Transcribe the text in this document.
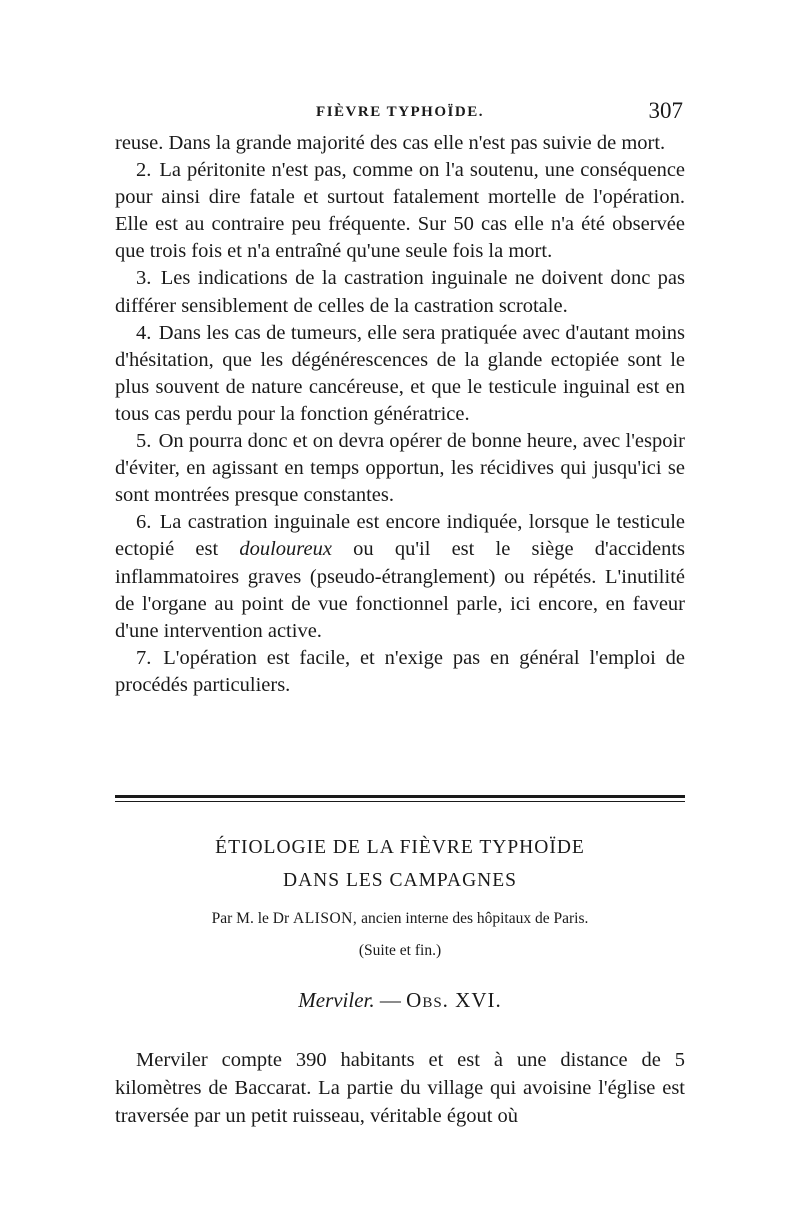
FIÈVRE TYPHOÏDE.	307

reuse. Dans la grande majorité des cas elle n'est pas suivie de mort.

2. La péritonite n'est pas, comme on l'a soutenu, une conséquence pour ainsi dire fatale et surtout fatalement mortelle de l'opération. Elle est au contraire peu fréquente. Sur 50 cas elle n'a été observée que trois fois et n'a entraîné qu'une seule fois la mort.

3. Les indications de la castration inguinale ne doivent donc pas différer sensiblement de celles de la castration scrotale.

4. Dans les cas de tumeurs, elle sera pratiquée avec d'autant moins d'hésitation, que les dégénérescences de la glande ectopiée sont le plus souvent de nature cancéreuse, et que le testicule inguinal est en tous cas perdu pour la fonction génératrice.

5. On pourra donc et on devra opérer de bonne heure, avec l'espoir d'éviter, en agissant en temps opportun, les récidives qui jusqu'ici se sont montrées presque constantes.

6. La castration inguinale est encore indiquée, lorsque le testicule ectopié est douloureux ou qu'il est le siège d'accidents inflammatoires graves (pseudo-étranglement) ou répétés. L'inutilité de l'organe au point de vue fonctionnel parle, ici encore, en faveur d'une intervention active.

7. L'opération est facile, et n'exige pas en général l'emploi de procédés particuliers.

ÉTIOLOGIE DE LA FIÈVRE TYPHOÏDE
DANS LES CAMPAGNES
Par M. le Dr ALISON, ancien interne des hôpitaux de Paris.
(Suite et fin.)
Merviler. — Obs. XVI.

Merviler compte 390 habitants et est à une distance de 5 kilomètres de Baccarat. La partie du village qui avoisine l'église est traversée par un petit ruisseau, véritable égout où
